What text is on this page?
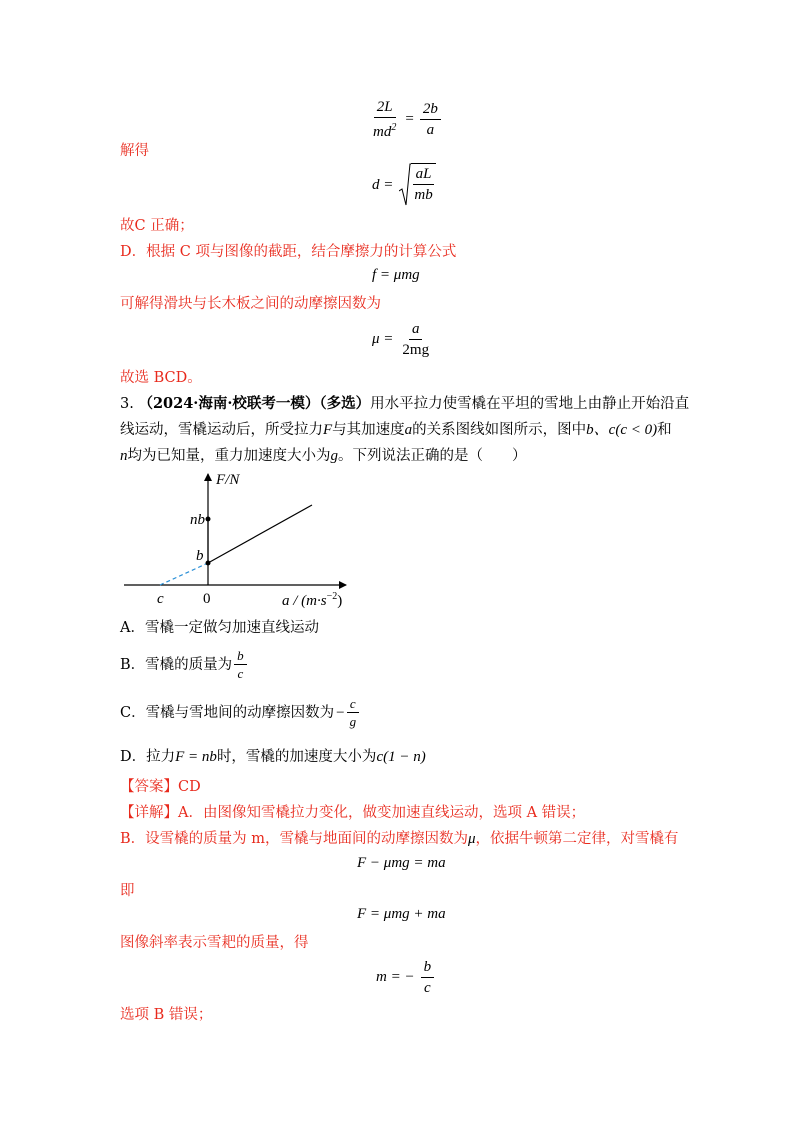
$\frac{2L}{md^2} = \frac{2b}{a}$
解得
$d = \frac{aL}{mb}$
故C 正确；
D．根据 C 项与图像的截距，结合摩擦力的计算公式
f = μmg
可解得滑块与长木板之间的动摩擦因数为
$\mu = \frac{a}{2mg}$
故选 BCD。
3. （2024·海南·校联考一模）（多选）用水平拉力使雪橇在平坦的雪地上由静止开始沿直
线运动，雪橇运动后，所受拉力F与其加速度a的关系图线如图所示，图中b、c(c < 0)和
n均为已知量，重力加速度大小为g。下列说法正确的是（　　）
F/N
nb
b
c	0	$a / (m\cdot s^{-2})$
A．雪橇一定做匀加速直线运动
B．雪橇的质量为 $\frac{b}{c}$
C．雪橇与雪地间的动摩擦因数为 − $\frac{c}{g}$
D．拉力F = nb时，雪橇的加速度大小为c(1 − n)
【答案】CD
【详解】A．由图像知雪橇拉力变化，做变加速直线运动，选项 A 错误；
B．设雪橇的质量为 m，雪橇与地面间的动摩擦因数为μ，依据牛顿第二定律，对雪橇有
F − μmg = ma
即
F = μmg + ma
图像斜率表示雪耙的质量，得
m = − $\frac{b}{c}$
选项 B 错误；
